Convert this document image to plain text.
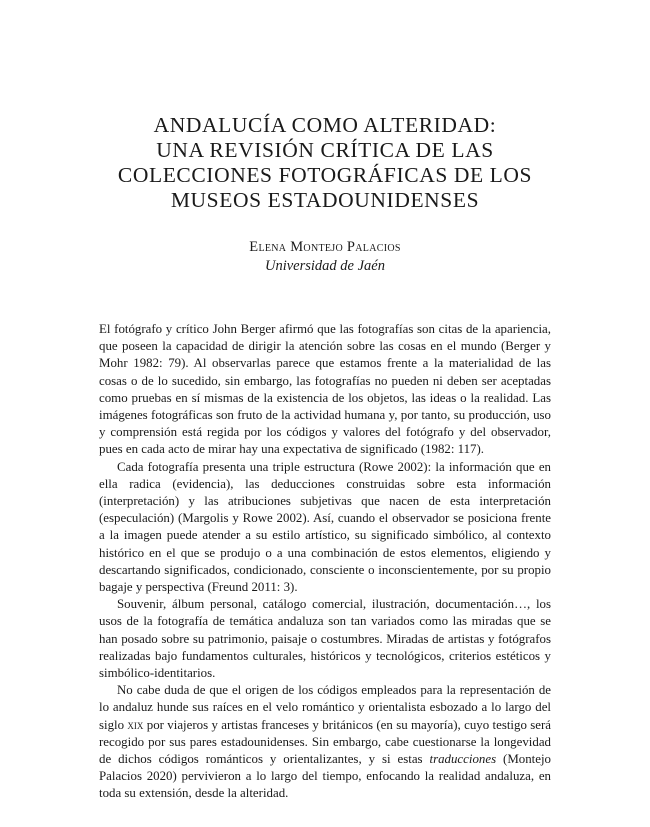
ANDALUCÍA COMO ALTERIDAD:
UNA REVISIÓN CRÍTICA DE LAS
COLECCIONES FOTOGRÁFICAS DE LOS
MUSEOS ESTADOUNIDENSES
Elena Montejo Palacios
Universidad de Jaén

El fotógrafo y crítico John Berger afirmó que las fotografías son citas de la apariencia, que poseen la capacidad de dirigir la atención sobre las cosas en el mundo (Berger y Mohr 1982: 79). Al observarlas parece que estamos frente a la materialidad de las cosas o de lo sucedido, sin embargo, las fotografías no pueden ni deben ser aceptadas como pruebas en sí mismas de la existencia de los objetos, las ideas o la realidad. Las imágenes fotográficas son fruto de la actividad humana y, por tanto, su producción, uso y comprensión está regida por los códigos y valores del fotógrafo y del observador, pues en cada acto de mirar hay una expectativa de significado (1982: 117).

Cada fotografía presenta una triple estructura (Rowe 2002): la información que en ella radica (evidencia), las deducciones construidas sobre esta información (interpretación) y las atribuciones subjetivas que nacen de esta interpretación (especulación) (Margolis y Rowe 2002). Así, cuando el observador se posiciona frente a la imagen puede atender a su estilo artístico, su significado simbólico, al contexto histórico en el que se produjo o a una combinación de estos elementos, eligiendo y descartando significados, condicionado, consciente o inconscientemente, por su propio bagaje y perspectiva (Freund 2011: 3).

Souvenir, álbum personal, catálogo comercial, ilustración, documentación…, los usos de la fotografía de temática andaluza son tan variados como las miradas que se han posado sobre su patrimonio, paisaje o costumbres. Miradas de artistas y fotógrafos realizadas bajo fundamentos culturales, históricos y tecnológicos, criterios estéticos y simbólico-identitarios.

No cabe duda de que el origen de los códigos empleados para la representación de lo andaluz hunde sus raíces en el velo romántico y orientalista esbozado a lo largo del siglo xix por viajeros y artistas franceses y británicos (en su mayoría), cuyo testigo será recogido por sus pares estadounidenses. Sin embargo, cabe cuestionarse la longevidad de dichos códigos románticos y orientalizantes, y si estas traducciones (Montejo Palacios 2020) pervivieron a lo largo del tiempo, enfocando la realidad andaluza, en toda su extensión, desde la alteridad.
